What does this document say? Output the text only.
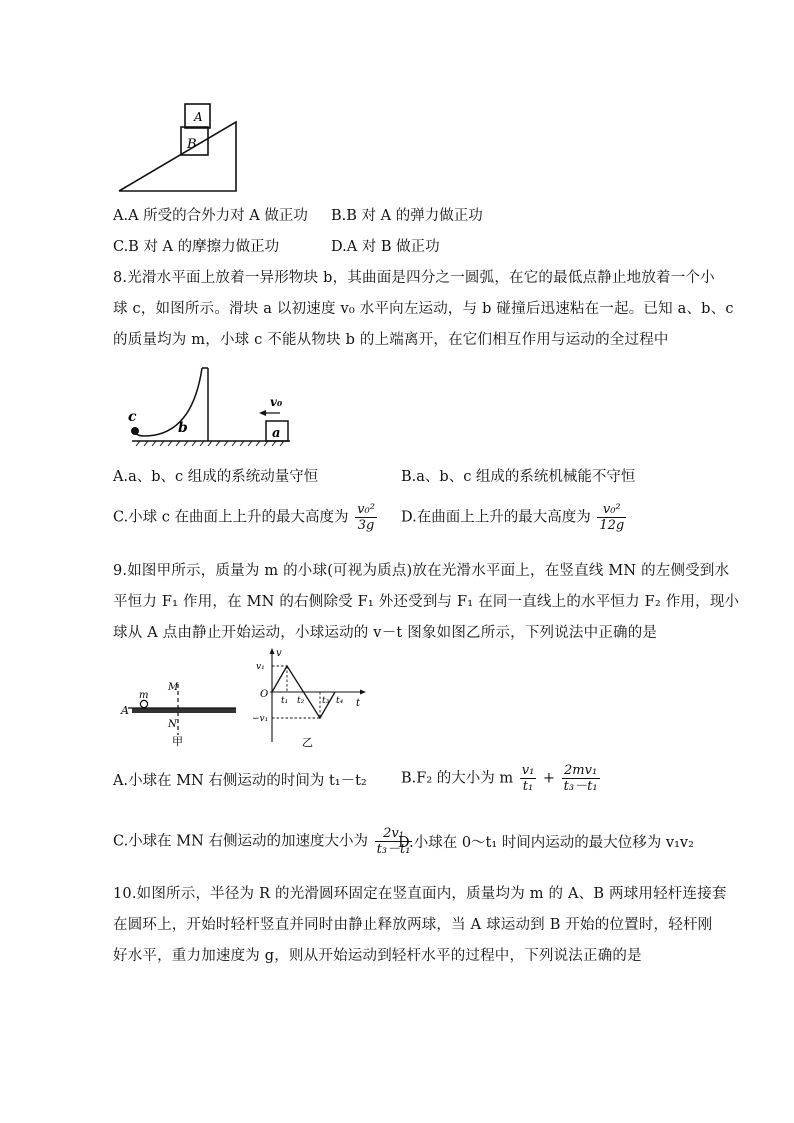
A
B
A.A 所受的合外力对 A 做正功 B.B 对 A 的弹力做正功
C.B 对 A 的摩擦力做正功	D.A 对 B 做正功
8.光滑水平面上放着一异形物块 b，其曲面是四分之一圆弧，在它的最低点静止地放着一个小
球 c，如图所示。滑块 a 以初速度 v₀ 水平向左运动，与 b 碰撞后迅速粘在一起。已知 a、b、c
的质量均为 m，小球 c 不能从物块 b 的上端离开，在它们相互作用与运动的全过程中
c
b	a
v₀
A.a、b、c 组成的系统动量守恒	B.a、b、c 组成的系统机械能不守恒
C.小球 c 在曲面上上升的最大高度为 $\frac{\text{v₀²}}{3g} D$.在曲面上上升的最大高度为 $\frac{\text{v₀²}}{12g}$
9.如图甲所示，质量为 m 的小球(可视为质点)放在光滑水平面上，在竖直线 MN 的左侧受到水
平恒力 F₁ 作用，在 MN 的右侧除受 F₁ 外还受到与 F₁ 在同一直线上的水平恒力 F₂ 作用，现小
球从 A 点由静止开始运动，小球运动的 v－t 图象如图乙所示，下列说法中正确的是
m
M
N
A
甲
v
v₁
O
−v₁
t₁ t₂ t₃ t₄ t
乙
A.小球在 MN 右侧运动的时间为 t₁－t₂ B.F₂ 的大小为 m $\frac{\text{v₁}}{\text{t₁}} + \frac{\text{2mv₁}}{\text{t₃－t₁}}$
C.小球在 MN 右侧运动的加速度大小为 $\frac{\text{2v₁}}{\text{t₃－t₁}}$
D.小球在 0～t₁ 时间内运动的最大位移为 v₁v₂
10.如图所示，半径为 R 的光滑圆环固定在竖直面内，质量均为 m 的 A、B 两球用轻杆连接套
在圆环上，开始时轻杆竖直并同时由静止释放两球，当 A 球运动到 B 开始的位置时，轻杆刚
好水平，重力加速度为 g，则从开始运动到轻杆水平的过程中，下列说法正确的是
